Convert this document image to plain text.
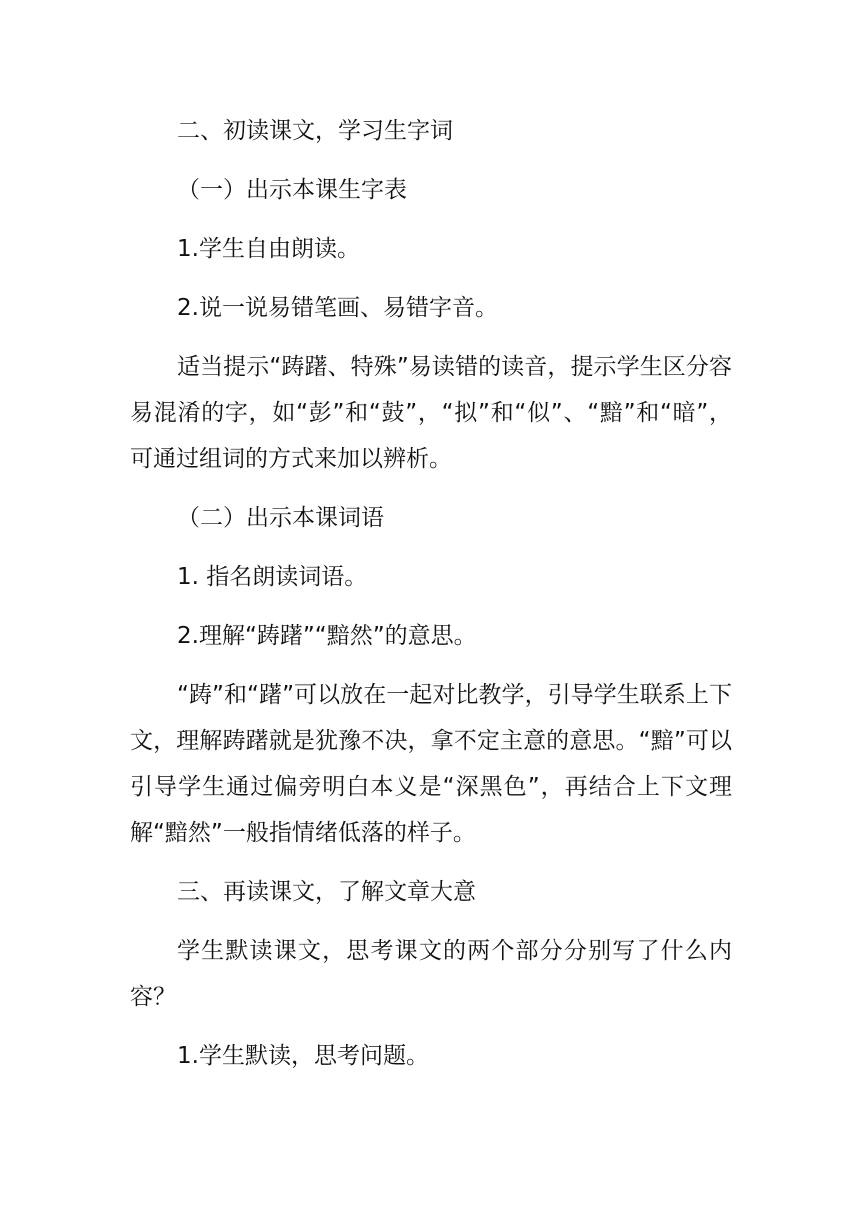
二、初读课文，学习生字词

（一）出示本课生字表

1.学生自由朗读。

2.说一说易错笔画、易错字音。

适当提示“踌躇、特殊”易读错的读音，提示学生区分容易混淆的字，如“彭”和“鼓”，“拟”和“似”、“黯”和“暗”，可通过组词的方式来加以辨析。

（二）出示本课词语

1. 指名朗读词语。

2.理解“踌躇”“黯然”的意思。

“踌”和“躇”可以放在一起对比教学，引导学生联系上下文，理解踌躇就是犹豫不决，拿不定主意的意思。“黯”可以引导学生通过偏旁明白本义是“深黑色”，再结合上下文理解“黯然”一般指情绪低落的样子。

三、再读课文，了解文章大意

学生默读课文，思考课文的两个部分分别写了什么内容？

1.学生默读，思考问题。
